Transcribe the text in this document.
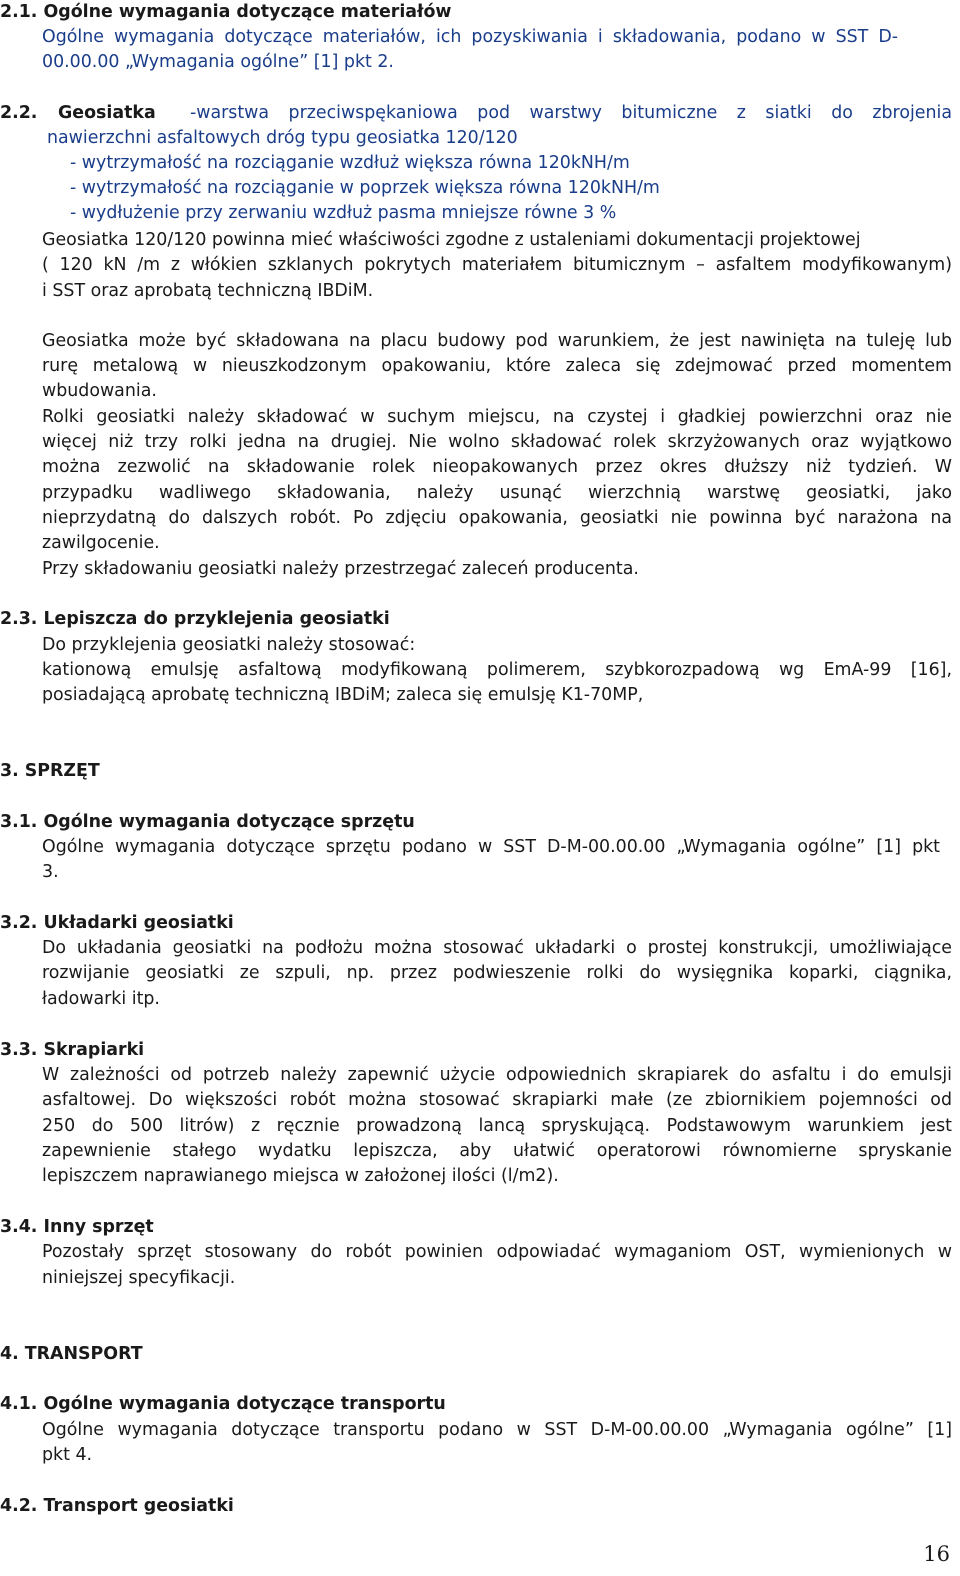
2.1. Ogólne wymagania dotyczące materiałów
Ogólne wymagania dotyczące materiałów, ich pozyskiwania i składowania, podano w SST D-
00.00.00 „Wymagania ogólne” [1] pkt 2.
2.2. Geosiatka -warstwa przeciwspękaniowa pod warstwy bitumiczne z siatki do zbrojenia
nawierzchni asfaltowych dróg typu geosiatka 120/120
- wytrzymałość na rozciąganie wzdłuż większa równa 120kNH/m
- wytrzymałość na rozciąganie w poprzek większa równa 120kNH/m
- wydłużenie przy zerwaniu wzdłuż pasma mniejsze równe 3 %
Geosiatka 120/120 powinna mieć właściwości zgodne z ustaleniami dokumentacji projektowej
( 120 kN /m z włókien szklanych pokrytych materiałem bitumicznym – asfaltem modyfikowanym)
i SST oraz aprobatą techniczną IBDiM.
Geosiatka może być składowana na placu budowy pod warunkiem, że jest nawinięta na tuleję lub
rurę metalową w nieuszkodzonym opakowaniu, które zaleca się zdejmować przed momentem
wbudowania.
Rolki geosiatki należy składować w suchym miejscu, na czystej i gładkiej powierzchni oraz nie
więcej niż trzy rolki jedna na drugiej. Nie wolno składować rolek skrzyżowanych oraz wyjątkowo
można zezwolić na składowanie rolek nieopakowanych przez okres dłuższy niż tydzień. W
przypadku wadliwego składowania, należy usunąć wierzchnią warstwę geosiatki, jako
nieprzydatną do dalszych robót. Po zdjęciu opakowania, geosiatki nie powinna być narażona na
zawilgocenie.
Przy składowaniu geosiatki należy przestrzegać zaleceń producenta.
2.3. Lepiszcza do przyklejenia geosiatki
Do przyklejenia geosiatki należy stosować:
kationową emulsję asfaltową modyfikowaną polimerem, szybkorozpadową wg EmA-99 [16],
posiadającą aprobatę techniczną IBDiM; zaleca się emulsję K1-70MP,
3. SPRZĘT
3.1. Ogólne wymagania dotyczące sprzętu
Ogólne wymagania dotyczące sprzętu podano w SST D-M-00.00.00 „Wymagania ogólne” [1] pkt
3.
3.2. Układarki geosiatki
Do układania geosiatki na podłożu można stosować układarki o prostej konstrukcji, umożliwiające
rozwijanie geosiatki ze szpuli, np. przez podwieszenie rolki do wysięgnika koparki, ciągnika,
ładowarki itp.
3.3. Skrapiarki
W zależności od potrzeb należy zapewnić użycie odpowiednich skrapiarek do asfaltu i do emulsji
asfaltowej. Do większości robót można stosować skrapiarki małe (ze zbiornikiem pojemności od
250 do 500 litrów) z ręcznie prowadzoną lancą spryskującą. Podstawowym warunkiem jest
zapewnienie stałego wydatku lepiszcza, aby ułatwić operatorowi równomierne spryskanie
lepiszczem naprawianego miejsca w założonej ilości (l/m2).
3.4. Inny sprzęt
Pozostały sprzęt stosowany do robót powinien odpowiadać wymaganiom OST, wymienionych w
niniejszej specyfikacji.
4. TRANSPORT
4.1. Ogólne wymagania dotyczące transportu
Ogólne wymagania dotyczące transportu podano w SST D-M-00.00.00 „Wymagania ogólne” [1]
pkt 4.
4.2. Transport geosiatki
16
